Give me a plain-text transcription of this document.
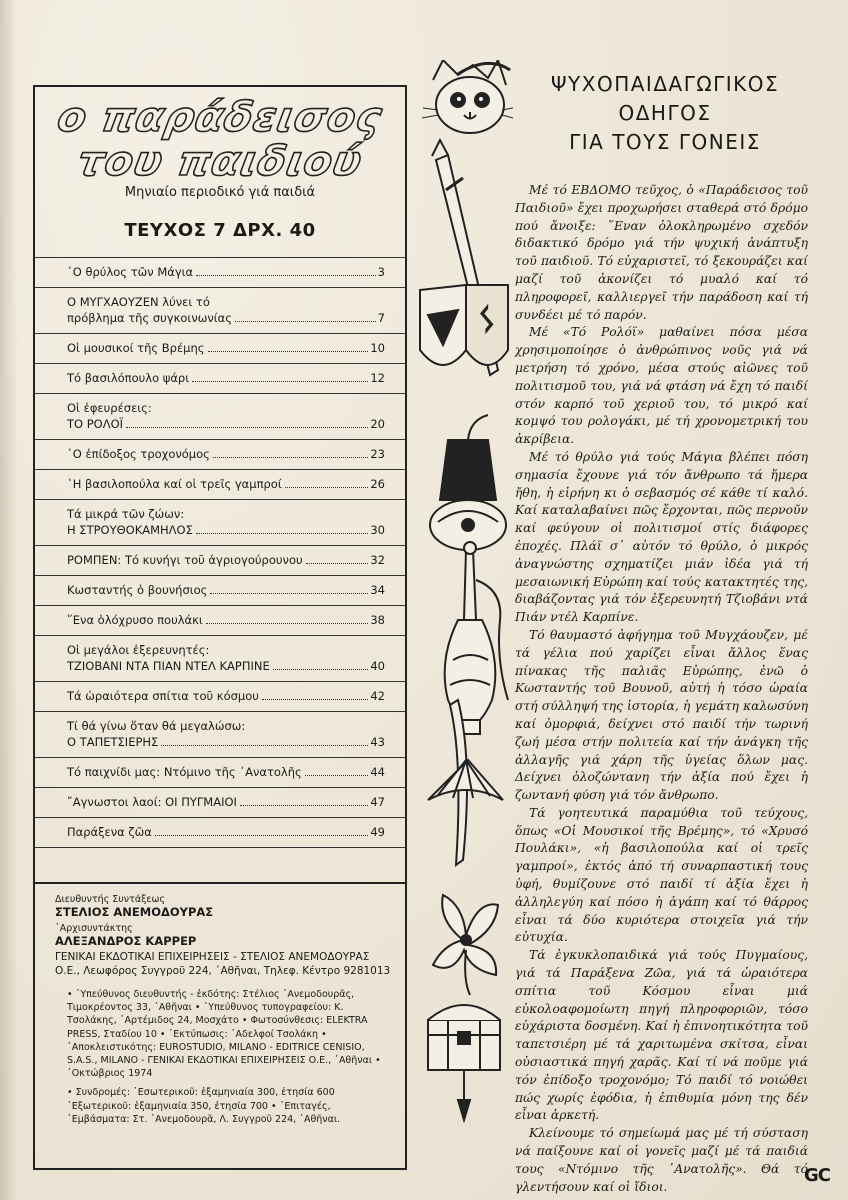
ο παράδεισος
του παιδιού
Μηνιαίο περιοδικό γιά παιδιά
ΤΕΥΧΟΣ 7 ΔΡΧ. 40
῾Ο θρύλος τῶν Μάγια	3
Ο ΜΥΓΧΑΟΥΖΕΝ λύνει τό
πρόβλημα τῆς συγκοινωνίας	7
Οἱ μουσικοί τῆς Βρέμης	10
Τό βασιλόπουλο ψάρι	12
Οἱ ἐφευρέσεις:
ΤΟ ΡΟΛΟΪ	20
῾Ο ἐπίδοξος τροχονόμος	23
῾Η βασιλοπούλα καί οἱ τρεῖς γαμπροί	26
Τά μικρά τῶν ζώων:
Η ΣΤΡΟΥΘΟΚΑΜΗΛΟΣ	30
ΡΟΜΠΕΝ: Τό κυνήγι τοῦ ἀγριογούρουνου	32
Κωσταντής ὁ βουνήσιος	34
῞Ενα ὁλόχρυσο πουλάκι	38
Οἱ μεγάλοι ἐξερευνητές:
ΤΖΙΟΒΑΝΙ ΝΤΑ ΠΙΑΝ ΝΤΕΛ ΚΑΡΠΙΝΕ	40
Τά ὡραιότερα σπίτια τοῦ κόσμου	42
Τί θά γίνω ὅταν θά μεγαλώσω:
Ο ΤΑΠΕΤΣΙΕΡΗΣ	43
Τό παιχνίδι μας: Ντόμινο τῆς ᾿Ανατολῆς	44
῎Αγνωστοι λαοί: ΟΙ ΠΥΓΜΑΙΟΙ	47
Παράξενα ζῶα	49
Διευθυντής Συντάξεως
ΣΤΕΛΙΟΣ ΑΝΕΜΟΔΟΥΡΑΣ
᾿Αρχισυντάκτης
ΑΛΕΞΑΝΔΡΟΣ ΚΑΡΡΕΡ
ΓΕΝΙΚΑΙ ΕΚΔΟΤΙΚΑΙ ΕΠΙΧΕΙΡΗΣΕΙΣ - ΣΤΕΛΙΟΣ ΑΝΕΜΟΔΟΥΡΑΣ Ο.Ε., Λεωφόρος Συγγροῦ 224, ᾿Αθῆναι, Τηλεφ. Κέντρο 9281013
• ῾Υπεύθυνος διευθυντής - ἐκδότης: Στέλιος ᾿Ανεμοδουρᾶς, Τιμοκρέοντος 33, ᾿Αθῆναι • ῾Υπεύθυνος τυπογραφείου: Κ. Τσολάκης, ᾿Αρτέμιδος 24, Μοσχάτο • Φωτοσύνθεσις: ELEKTRA PRESS, Σταδίου 10 • ᾿Εκτύπωσις: ᾿Αδελφοί Τσολάκη • ᾿Αποκλειστικότης: EUROSTUDIO, MILANO - EDITRICE CENISIO, S.A.S., MILANO - ΓΕΝΙΚΑΙ ΕΚΔΟΤΙΚΑΙ ΕΠΙΧΕΙΡΗΣΕΙΣ Ο.Ε., ᾿Αθῆναι • ᾿Οκτώβριος 1974
• Συνδρομές: ᾿Εσωτερικοῦ: ἑξαμηνιαία 300, ἐτησία 600 ᾿Εξωτερικοῦ: ἑξαμηνιαία 350, ἐτησία 700 • ᾿Επιταγές, ᾿Εμβάσματα: Στ. ᾿Ανεμοδουρᾶ, Λ. Συγγροῦ 224, ᾿Αθῆναι.
ᛊ
ΨΥΧΟΠΑΙΔΑΓΩΓΙΚΟΣ
ΟΔΗΓΟΣ
ΓΙΑ ΤΟΥΣ ΓΟΝΕΙΣ

Μέ τό ΕΒΔΟΜΟ τεῦχος, ὁ «Παράδεισος τοῦ Παιδιοῦ» ἔχει προχωρήσει σταθερά στό δρόμο πού ἄνοιξε: ῞Εναν ὁλοκληρωμένο σχεδόν διδακτικό δρόμο γιά τήν ψυχική ἀνάπτυξη τοῦ παιδιοῦ. Τό εὐχαριστεῖ, τό ξεκουράζει καί μαζί τοῦ ἀκονίζει τό μυαλό καί τό πληροφορεῖ, καλλιεργεῖ τήν παράδοση καί τή συνδέει μέ τό παρόν.

Μέ «Τό Ρολόϊ» μαθαίνει πόσα μέσα χρησιμοποίησε ὁ ἀνθρώπινος νοῦς γιά νά μετρήση τό χρόνο, μέσα στούς αἰῶνες τοῦ πολιτισμοῦ του, γιά νά φτάση νά ἔχη τό παιδί στόν καρπό τοῦ χεριοῦ του, τό μικρό καί κομψό του ρολογάκι, μέ τή χρονομετρική του ἀκρίβεια.

Μέ τό θρύλο γιά τούς Μάγια βλέπει πόση σημασία ἔχουνε γιά τόν ἄνθρωπο τά ἥμερα ἤθη, ἡ εἰρήνη κι ὁ σεβασμός σέ κάθε τί καλό. Καί καταλαβαίνει πῶς ἔρχονται, πῶς περνοῦν καί φεύγουν οἱ πολιτισμοί στίς διάφορες ἐποχές. Πλάϊ σ᾿ αὐτόν τό θρύλο, ὁ μικρός ἀναγνώστης σχηματίζει μιάν ἰδέα γιά τή μεσαιωνική Εὐρώπη καί τούς κατακτητές της, διαβάζοντας γιά τόν ἐξερευνητή Τζιοβάνι ντά Πιάν ντέλ Καρπίνε.

Τό θαυμαστό ἀφήγημα τοῦ Μυγχάουζεν, μέ τά γέλια πού χαρίζει εἶναι ἄλλος ἕνας πίνακας τῆς παλιᾶς Εὐρώπης, ἐνῶ ὁ Κωσταντής τοῦ Βουνοῦ, αὐτή ἡ τόσο ὡραία στή σύλληψή της ἱστορία, ἡ γεμάτη καλωσύνη καί ὀμορφιά, δείχνει στό παιδί τήν τωρινή ζωή μέσα στήν πολιτεία καί τήν ἀνάγκη τῆς ἀλλαγῆς γιά χάρη τῆς ὑγείας ὅλων μας. Δείχνει ὁλοζώντανη τήν ἀξία πού ἔχει ἡ ζωντανή φύση γιά τόν ἄνθρωπο.

Τά γοητευτικά παραμύθια τοῦ τεύχους, ὅπως «Οἱ Μουσικοί τῆς Βρέμης», τό «Χρυσό Πουλάκι», «ἡ βασιλοπούλα καί οἱ τρεῖς γαμπροί», ἐκτός ἀπό τή συναρπαστική τους ὑφή, θυμίζουνε στό παιδί τί ἀξία ἔχει ἡ ἀλληλεγύη καί πόσο ἡ ἀγάπη καί τό θάρρος εἶναι τά δύο κυριότερα στοιχεῖα γιά τήν εὐτυχία.

Τά ἐγκυκλοπαιδικά γιά τούς Πυγμαίους, γιά τά Παράξενα Ζῶα, γιά τά ὡραιότερα σπίτια τοῦ Κόσμου εἶναι μιά εὐκολοαφομοίωτη πηγή πληροφοριῶν, τόσο εὐχάριστα δοσμένη. Καί ἡ ἐπινοητικότητα τοῦ ταπετσιέρη μέ τά χαριτωμένα σκίτσα, εἶναι οὐσιαστικά πηγή χαρᾶς. Καί τί νά ποῦμε γιά τόν ἐπίδοξο τροχονόμο; Τό παιδί τό νοιώθει πώς χωρίς ἐφόδια, ἡ ἐπιθυμία μόνη της δέν εἶναι ἀρκετή.

Κλείνουμε τό σημείωμά μας μέ τή σύσταση νά παίξουνε καί οἱ γονεῖς μαζί μέ τά παιδιά τους «Ντόμινο τῆς ᾿Ανατολῆς». Θά τό γλεντήσουν καί οἱ ἴδιοι.

GC
